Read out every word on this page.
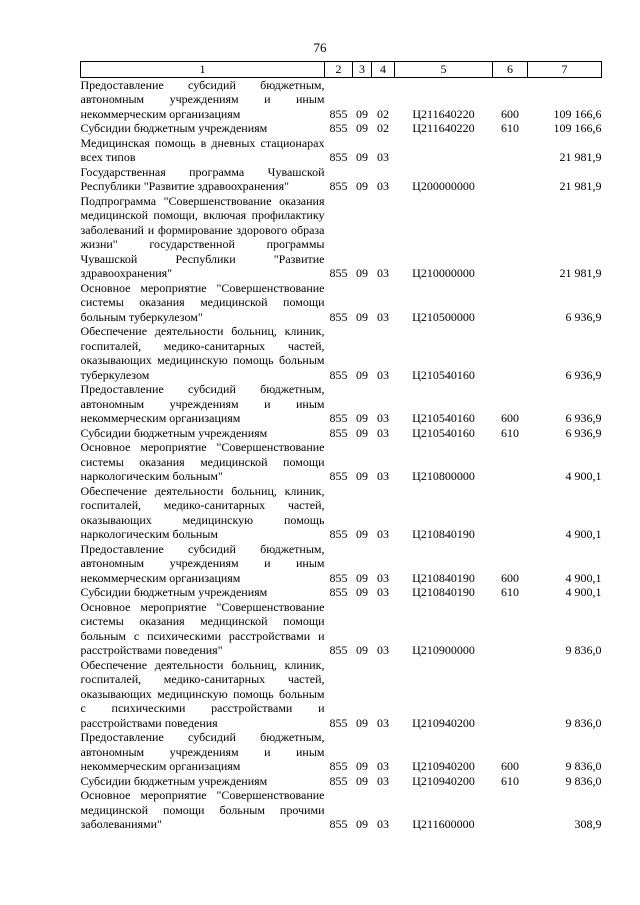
76
1	2	3	4	5	6	7
Предоставление субсидий бюджетным, автономным учреждениям и иным некоммерческим организациям	855	09	02	Ц211640220	600	109 166,6
Субсидии бюджетным учреждениям	855	09	02	Ц211640220	610	109 166,6
Медицинская помощь в дневных стационарах всех типов	855	09	03			21 981,9
Государственная программа Чувашской Республики "Развитие здравоохранения"	855	09	03	Ц200000000		21 981,9
Подпрограмма "Совершенствование оказания медицинской помощи, включая профилактику заболеваний и формирование здорового образа жизни" государственной программы Чувашской Республики "Развитие здравоохранения"	855	09	03	Ц210000000		21 981,9
Основное мероприятие "Совершенствование системы оказания медицинской помощи больным туберкулезом"	855	09	03	Ц210500000		6 936,9
Обеспечение деятельности больниц, клиник, госпиталей, медико-санитарных частей, оказывающих медицинскую помощь больным туберкулезом	855	09	03	Ц210540160		6 936,9
Предоставление субсидий бюджетным, автономным учреждениям и иным некоммерческим организациям	855	09	03	Ц210540160	600	6 936,9
Субсидии бюджетным учреждениям	855	09	03	Ц210540160	610	6 936,9
Основное мероприятие "Совершенствование системы оказания медицинской помощи наркологическим больным"	855	09	03	Ц210800000		4 900,1
Обеспечение деятельности больниц, клиник, госпиталей, медико-санитарных частей, оказывающих медицинскую помощь наркологическим больным	855	09	03	Ц210840190		4 900,1
Предоставление субсидий бюджетным, автономным учреждениям и иным некоммерческим организациям	855	09	03	Ц210840190	600	4 900,1
Субсидии бюджетным учреждениям	855	09	03	Ц210840190	610	4 900,1
Основное мероприятие "Совершенствование системы оказания медицинской помощи больным с психическими расстройствами и расстройствами поведения"	855	09	03	Ц210900000		9 836,0
Обеспечение деятельности больниц, клиник, госпиталей, медико-санитарных частей, оказывающих медицинскую помощь больным с психическими расстройствами и расстройствами поведения	855	09	03	Ц210940200		9 836,0
Предоставление субсидий бюджетным, автономным учреждениям и иным некоммерческим организациям	855	09	03	Ц210940200	600	9 836,0
Субсидии бюджетным учреждениям	855	09	03	Ц210940200	610	9 836,0
Основное мероприятие "Совершенствование медицинской помощи больным прочими заболеваниями"	855	09	03	Ц211600000		308,9
